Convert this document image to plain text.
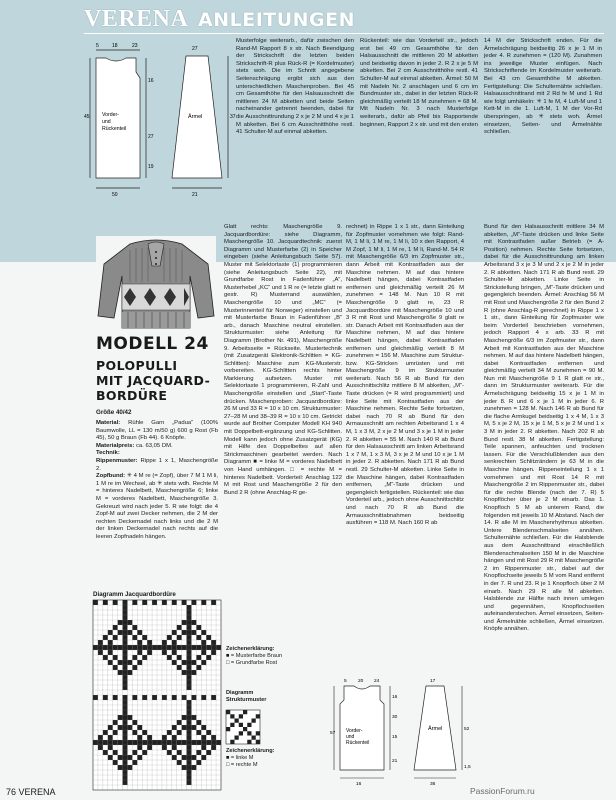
VERENA ANLEITUNGEN
Vorder-
und
Rückenteil
Ärmel
5	18	23
16
45
27
50
19
27
37
21

Musterfolge weiterarb., dafür zwischen den Rand-M Rapport 8 x str. Nach Beendigung der Strickschrift die letzten beiden Strickschrift-R plus Rück-R (= Kordelmuster) stets woh. Die im Schnitt angegebene Seitenschrägung ergibt sich aus den unterschiedlichen Maschenproben. Bei 45 cm Gesamthöhe für den Halsausschnitt die mittleren 24 M abketten und beide Seiten nacheinander getrennt beenden, dabei für die Ausschnittrundung 2 x je 2 M und 4 x je 1 M abketten. Bei 6 cm Ausschnitthöhe restl. 41 Schulter-M auf einmal abketten.

Rückenteil: wie das Vorderteil str., jedoch erst bei 49 cm Gesamthöhe für den Halsausschnitt die mittleren 20 M abketten und beidseitig davon in jeder 2. R 2 x je 5 M abketten. Bei 2 cm Ausschnitthöhe restl. 41 Schulter-M auf einmal abketten. Ärmel: 50 M mit Nadeln Nr. 2 anschlagen und 6 cm im Bundmuster str., dabei in der letzten Rück-R gleichmäßig verteilt 18 M zunehmen = 68 M. Mit Nadeln Nr. 3 nach Musterfolge weiterarb., dafür ab Pfeil bis Rapportende beginnen, Rapport 2 x str. und mit den ersten

14 M der Strickschrift enden. Für die Ärmelschrägung beidseitig 26 x je 1 M in jeder 4. R zunehmen = (120 M). Zunahmen ins jeweilige Muster einfügen. Nach Strickschriftende im Kordelmuster weiterarb. Bei 43 cm Gesamthöhe M abketten. Fertigstellung: Die Schulternähte schließen. Halsausschnittrand mit 2 Rd fe M und 1 Rd wie folgt umhäkeln: ✳ 1 fe M, 4 Luft-M und 1 Kett-M in die 1. Luft-M, 1 M der Vor-Rd überspringen, ab ✳ stets woh. Ärmel einsetzen, Seiten- und Ärmelnähte schließen.

MODELL 24
POLOPULLI
MIT JACQUARD-
BORDÜRE
Größe 40/42

Material: Rühle Garn „Padua“ (100% Baumwolle, LL = 130 m/50 g) 600 g Rost (Fb 45), 50 g Braun (Fb 44). 6 Knöpfe.

Materialpreis: ca. 63,05 DM.

Technik:

Rippenmuster: Rippe 1 x 1, Maschengröße 2.

Zopfbund: ✳ 4 M re (= Zopf), über 7 M 1 M li, 1 M re im Wechsel, ab ✳ stets wdh. Rechte M = hinteres Nadelbett, Maschengröße 6; linke M = vorderes Nadelbett, Maschengröße 3. Gekreuzt wird nach jeder 5. R wie folgt: die 4 Zopf-M auf zwei Decker nehmen, die 2 M der rechten Deckernadel nach links und die 2 M der linken Deckernadel nach rechts auf die leeren Zopfnadeln hängen.

Diagramm Jacquardbordüre

Glatt rechts: Maschengröße 9. Jacquardbordüre: siehe Diagramm, Maschengröße 10. Jacquardtechnik: zuerst Diagramm und Musterfarbe (2) in Speicher eingeben (siehe Anleitungsbuch Seite 57). Muster mit Selektortaste (1) programmieren (siehe Anleitungsbuch Seite 22), mit Grundfarbe Rost in Fadenführer „A“, Musterhebel „KC“ und 1 R re (= letzte glatt re gestr. R) Musterrand auswählen, Maschengröße 10 und „MC“ (= Musterinnenteil für Norweger) einstellen und mit Musterfarbe Braun in Fadenführer „B“ arb., danach Maschine neutral einstellen. Strukturmuster: siehe Anleitung für Diagramm (Brother Nr. 491), Maschengröße 9. Arbeitsseite = Rückseite. Mustertechnik (mit Zusatzgerät Elektronik-Schlitten = KG-Schlitten): Maschine zum KG-Musterstr. vorbereiten. KG-Schlitten rechts hinter Markierung aufsetzen. Muster mit Selektortaste 1 programmieren, R-Zahl und Maschengröße einstellen und „Start“-Taste drücken. Maschenproben: Jacquardbordüre: 26 M und 33 R = 10 x 10 cm. Strukturmuster: 27–28 M und 38–39 R = 10 x 10 cm. Getrickt wurde auf Brother Computer Modell KH 940 mit Doppelbett-ergänzung und KG-Schlitten. Modell kann jedoch ohne Zusatzgerät (KG) mit Hilfe des Doppelbettes auf allen Strickmaschinen gearbeitet werden. Nach Diagramm ■ = linke M = vorderes Nadelbett von Hand umhängen. □ = rechte M = hinteres Nadelbett. Vorderteil: Anschlag 122 M mit Rost und Maschengröße 2 für den Bund 2 R (ohne Anschlag-R ge-

Zeichenerklärung:
■ = Musterfarbe Braun
□ = Grundfarbe Rost
Diagramm Strukturmuster
Zeichenerklärung:
■ = linke M
□ = rechte M

rechnet) in Rippe 1 x 1 str., dann Einteilung für Zopfmuster vornehmen wie folgt: Rand-M, 1 M li, 1 M re, 1 M li, 10 x den Rapport, 4 M Zopf, 1 M li, 1 M re, 1 M li, Rand-M. 54 R mit Maschengröße 6/3 im Zopfmuster str., dann Arbeit mit Kontrastfaden aus der Maschine nehmen. M auf das hintere Nadelbett hängen, dabei Kontrastfaden entfernen und gleichmäßig verteilt 26 M zunehmen = 148 M. Nun 10 R mit Maschengröße 9 glatt re, 23 R Jacquardbordüre mit Maschengröße 10 und 3 R mit Rost und Maschengröße 9 glatt re str. Danach Arbeit mit Kontrastfaden aus der Maschine nehmen, M auf das hintere Nadelbett hängen, dabei Kontrastfaden entfernen und gleichmäßig verteilt 8 M zunehmen = 156 M. Maschine zum Struktur-bzw. KG-Stricken umrüsten und mit Maschengröße 9 im Strukturmuster weiterarb. Nach 56 R ab Bund für den Ausschnittschlitz mittlere 8 M abketten, „M“-Taste drücken (= R wird programmiert) und linke Seite mit Kontrastfaden aus der Maschine nehmen. Rechte Seite fortsetzen, dabei nach 70 R ab Bund für den Armausschnitt am rechten Arbeitsrand 1 x 4 M, 1 x 3 M, 2 x je 2 M und 3 x je 1 M in jeder 2. R abketten = 55 M. Nach 140 R ab Bund für den Halsausschnitt am linken Arbeitsrand 1 x 7 M, 1 x 3 M, 3 x je 2 M und 10 x je 1 M in jeder 2. R abketten. Nach 171 R ab Bund restl. 29 Schulter-M abketten. Linke Seite in die Maschine hängen, dabei Kontrastfaden entfernen, „M“-Taste drücken und gegengleich fertigstellen. Rückenteil: wie das Vorderteil arb., jedoch ohne Ausschnittschlitz und nach 70 R ab Bund die Armausschnittabnahmen beidseitig ausführen = 118 M. Nach 160 R ab

Bund für den Halsausschnitt mittlere 34 M abketten, „M“-Taste drücken und linke Seite mit Kontrastfaden außer Betrieb (= A-Position) nehmen. Rechte Seite fortsetzen, dabei für die Ausschnittrundung am linken Arbeitsrand 3 x je 3 M und 2 x je 2 M in jeder 2. R abketten. Nach 171 R ab Bund restl. 29 Schulter-M abketten. Linke Seite in Strickstellung bringen, „M“-Taste drücken und gegengleich beenden. Ärmel: Anschlag 56 M mit Rost und Maschengröße 2 für den Bund 2 R (ohne Anschlag-R gerechnet) in Rippe 1 x 1 str., dann Einteilung für Zopfmuster wie beim Vorderteil beschrieben vornehmen, jedoch Rapport 4 x arb. 33 R mit Maschengröße 6/3 im Zopfmuster str., dann Arbeit mit Kontrastfaden aus der Maschine nehmen. M auf das hintere Nadelbett hängen, dabei Kontrastfaden entfernen und gleichmäßig verteilt 34 M zunehmen = 90 M. Nun mit Maschengröße 9 1 R glatt re str., dann im Strukturmuster weiterarb. Für die Ärmelschrägung beidseitig 15 x je 1 M in jeder 8. R und 6 x je 1 M in jeder 6. R zunehmen = 128 M. Nach 146 R ab Bund für die flache Armkugel beidseitig 1 x 4 M, 1 x 3 M, 5 x je 2 M, 15 x je 1 M, 5 x je 2 M und 1 x 3 M in jeder 2. R abketten. Nach 202 R ab Bund restl. 38 M abketten. Fertigstellung: Teile spannen, anfeuchten und trocknen lassen. Für die Verschlußblenden aus den senkrechten Schlitzrändern je 63 M in die Maschine hängen. Rippeneinteilung 1 x 1 vornehmen und mit Rost 14 R mit Maschengröße 2 im Rippenmuster str., dabei für die rechte Blende (nach der 7. R) 5 Knopflöcher über je 2 M einarb. Das 1. Knopfloch 5 M ab unterem Rand, die folgenden mit jeweils 10 M Abstand. Nach der 14. R alle M im Maschenrhythmus abketten. Untere Blendenschmalseiten annähen. Schulternähte schließen. Für die Halsblende aus dem Ausschnittrand einschließlich Blendenschmalseiten 150 M in die Maschine hängen und mit Rost 29 R mit Maschengröße 2 im Rippenmuster str., dabei auf der Knopflochseite jeweils 5 M vom Rand entfernt in der 7. R und 23. R je 1 Knopfloch über 2 M einarb. Nach 29 R alle M abketten. Halsblende zur Hälfte nach innen umlegen und gegennähen, Knopflochseiten aufeinanderstechen. Ärmel einsetzen, Seiten- und Ärmelnähte schließen, Ärmel einsetzen. Knöpfe annähen.

Vorder-
und
Rückenteil
Ärmel
5 20 24
16
30
15
57
21
17
16	36
52
1,5
76 VERENA	PassionForum.ru
